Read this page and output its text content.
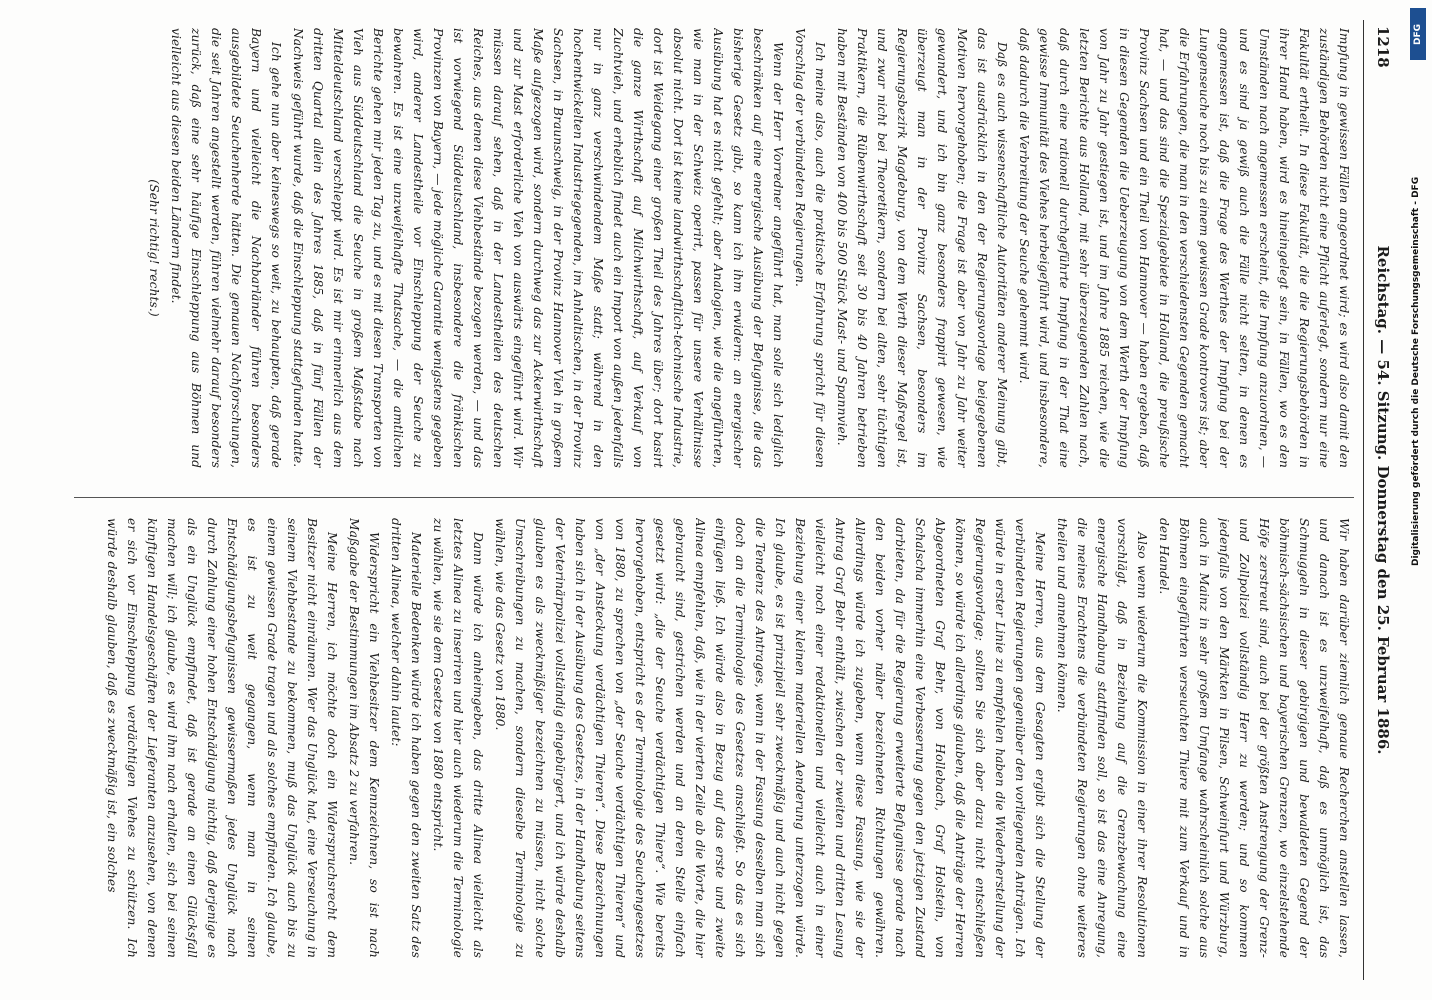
1218
Reichstag. — 54. Sitzung. Donnerstag den 25. Februar 1886.

Impfung in gewissen Fällen angeordnet wird; es wird also damit den zuständigen Behörden nicht eine Pflicht auferlegt, sondern nur eine Fakultät ertheilt. In diese Fakultät, die die Regierungsbehörden in ihrer Hand haben, wird es hineingelegt sein, in Fällen, wo es den Umständen nach angemessen erscheint, die Impfung anzuordnen, — und es sind ja gewiß auch die Fälle nicht selten, in denen es angemessen ist, daß die Frage des Werthes der Impfung bei der Lungenseuche noch bis zu einem gewissen Grade kontrovers ist; aber die Erfahrungen, die man in den verschiedensten Gegenden gemacht hat, — und das sind die Spezialgebiete in Holland, die preußische Provinz Sachsen und ein Theil von Hannover — haben ergeben, daß in diesen Gegenden die Ueberzeugung von dem Werth der Impfung von Jahr zu Jahr gestiegen ist, und im Jahre 1885 reichen, wie die letzten Berichte aus Holland, mit sehr überzeugenden Zahlen nach, daß durch eine rationell durchgeführte Impfung in der That eine gewisse Immunität des Viehes herbeigeführt wird, und insbesondere, daß dadurch die Verbreitung der Seuche gehemmt wird.

Daß es auch wissenschaftliche Autoritäten anderer Meinung gibt, das ist ausdrücklich in den der Regierungsvorlage beigegebenen Motiven hervorgehoben; die Frage ist aber von Jahr zu Jahr weiter gewandert, und ich bin ganz besonders frappirt gewesen, wie überzeugt man in der Provinz Sachsen, besonders im Regierungsbezirk Magdeburg, von dem Werth dieser Maßregel ist, und zwar nicht bei Theoretikern, sondern bei alten, sehr tüchtigen Praktikern, die Rübenwirthschaft seit 30 bis 40 Jahren betrieben haben mit Beständen von 400 bis 500 Stück Mast- und Spannvieh.

Ich meine also, auch die praktische Erfahrung spricht für diesen Vorschlag der verbündeten Regierungen.

Wenn der Herr Vorredner angeführt hat, man solle sich lediglich beschränken auf eine energische Ausübung der Befugnisse, die das bisherige Gesetz gibt, so kann ich ihm erwidern: an energischer Ausübung hat es nicht gefehlt; aber Analogien, wie die angeführten, wie man in der Schweiz operirt, passen für unsere Verhältnisse absolut nicht. Dort ist keine landwirthschaftlich-technische Industrie, dort ist Weidegang einer großen Theil des Jahres über; dort basirt die ganze Wirthschaft auf Milchwirthschaft, auf Verkauf von Zuchtvieh, und erheblich findet auch ein Import von außen jedenfalls nur in ganz verschwindendem Maße statt; während in den hochentwickelten Industriegegenden, im Anhaltischen, in der Provinz Sachsen, in Braunschweig, in der Provinz Hannover Vieh in großem Maße aufgezogen wird, sondern durchweg das zur Ackerwirthschaft und zur Mast erforderliche Vieh von auswärts eingeführt wird. Wir müssen darauf sehen, daß in der Landestheilen des deutschen Reiches, aus denen diese Viehbestände bezogen werden, — und das ist vorwiegend Süddeutschland, insbesondere die fränkischen Provinzen von Bayern, — jede mögliche Garantie wenigstens gegeben wird, anderer Landestheile vor Einschleppung der Seuche zu bewahren. Es ist eine unzweifelhafte Thatsache, — die amtlichen Berichte gehen mir jeden Tag zu, und es mit diesen Transporten von Vieh aus Süddeutschland die Seuche in großem Maßstabe nach Mitteldeutschland verschleppt wird. Es ist mir erinnerlich aus dem dritten Quartal allein des Jahres 1885, daß in fünf Fällen der Nachweis geführt wurde, daß die Einschleppung stattgefunden hatte.

Ich gehe nun aber keineswegs so weit, zu behaupten, daß gerade Bayern und vielleicht die Nachbarländer führen besonders ausgebildete Seuchenherde hätten. Die genauen Nachforschungen, die seit Jahren angestellt werden, führen vielmehr darauf besonders zurück, daß eine sehr häufige Einschleppung aus Böhmen und vielleicht aus diesen beiden Ländern findet.

(Sehr richtig! rechts.)

Wir haben darüber ziemlich genaue Recherchen anstellen lassen, und danach ist es unzweifelhaft, daß es unmöglich ist, das Schmuggeln in dieser gebirgigen und bewaldeten Gegend der böhmisch-sächsischen und bayerischen Grenzen, wo einzelstehende Höfe zerstreut sind, auch bei der größten Anstrengung der Grenz- und Zollpolizei vollständig Herr zu werden; und so kommen jedenfalls von den Märkten in Pilsen, Schweinfurt und Würzburg, auch in Mainz in sehr großem Umfange wahrscheinlich solche aus Böhmen eingeführten verseuchten Thiere mit zum Verkauf und in den Handel.

Also wenn wiederum die Kommission in einer ihrer Resolutionen vorschlägt, daß in Beziehung auf die Grenzbewachung eine energische Handhabung stattfinden soll, so ist das eine Anregung, die meines Erachtens die verbündeten Regierungen ohne weiteres theilen und annehmen können.

Meine Herren, aus dem Gesagten ergibt sich die Stellung der verbündeten Regierungen gegenüber den vorliegenden Anträgen. Ich würde in erster Linie zu empfehlen haben die Wiederherstellung der Regierungsvorlage; sollten Sie sich aber dazu nicht entschließen können, so würde ich allerdings glauben, daß die Anträge der Herren Abgeordneten Graf Behr, von Hollebach, Graf Holstein, von Schalscha immerhin eine Verbesserung gegen den jetzigen Zustand darbieten, da für die Regierung erweiterte Befugnisse gerade nach den beiden vorher näher bezeichneten Richtungen gewähren. Allerdings würde ich zugeben, wenn diese Fassung, wie sie der Antrag Graf Behr enthält, zwischen der zweiten und dritten Lesung vielleicht noch einer redaktionellen und vielleicht auch in einer Beziehung einer kleinen materiellen Aenderung unterzogen würde. Ich glaube, es ist prinzipiell sehr zweckmäßig und auch nicht gegen die Tendenz des Antrages, wenn in der Fassung desselben man sich doch an die Terminologie des Gesetzes anschließt. So das es sich einfügen ließ. Ich würde also in Bezug auf das erste und zweite Alinea empfehlen, daß, wie in der vierten Zeile ab die Worte, die hier gebraucht sind, gestrichen werden und an deren Stelle einfach gesetzt wird: „die der Seuche verdächtigen Thiere“. Wie bereits hervorgehoben, entspricht es der Terminologie des Seuchengesetzes von 1880, zu sprechen von „der Seuche verdächtigen Thieren“ und von „der Ansteckung verdächtigen Thieren“. Diese Bezeichnungen haben sich in der Ausübung des Gesetzes, in der Handhabung seitens der Veterinärpolizei vollständig eingebürgert, und ich würde deshalb glauben es als zweckmäßiger bezeichnen zu müssen, nicht solche Umschreibungen zu machen, sondern dieselbe Terminologie zu wählen, wie das Gesetz von 1880.

Dann würde ich anheimgeben, das dritte Alinea vielleicht als letztes Alinea zu inseriren und hier auch wiederum die Terminologie zu wählen, wie sie dem Gesetze von 1880 entspricht.

Materielle Bedenken würde ich haben gegen den zweiten Satz des dritten Alinea, welcher dahin lautet:

Widerspricht ein Viehbesitzer dem Kennzeichnen, so ist nach Maßgabe der Bestimmungen im Absatz 2 zu verfahren.

Meine Herren, ich möchte doch ein Widerspruchsrecht dem Besitzer nicht einräumen. Wer das Unglück hat, eine Verseuchung in seinem Viehbestande zu bekommen, muß das Unglück auch bis zu einem gewissen Grade tragen und als solches empfinden. Ich glaube, es ist zu weit gegangen, wenn man in seinen Entschädigungsbefugnissen gewissermaßen jedes Unglück nach durch Zahlung einer hohen Entschädigung nichtig, daß derjenige es als ein Unglück empfindet, daß ist gerade an einen Glücksfall machen will; ich glaube, es wird ihm nach erhalten, sich bei seinen künftigen Handelsgeschäften der Lieferanten anzusehen, von denen er sich vor Einschleppung verdächtigen Viehes zu schützen. Ich würde deshalb glauben, daß es zweckmäßig ist, ein solches

DFG
Digitalisierung gefördert durch die Deutsche Forschungsgemeinschaft - DFG
